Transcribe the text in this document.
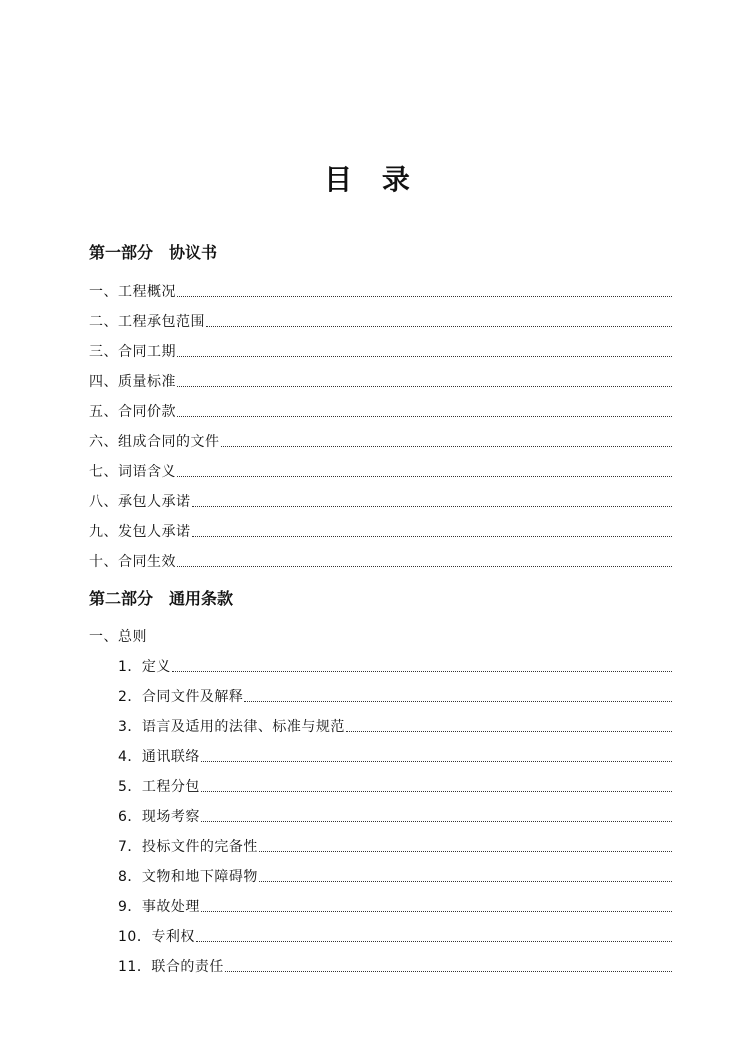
目 录
第一部分　协议书
一、工程概况
二、工程承包范围
三、合同工期
四、质量标准
五、合同价款
六、组成合同的文件
七、词语含义
八、承包人承诺
九、发包人承诺
十、合同生效
第二部分　通用条款
一、总则
1．定义
2．合同文件及解释
3．语言及适用的法律、标准与规范
4．通讯联络
5．工程分包
6．现场考察
7．投标文件的完备性
8．文物和地下障碍物
9．事故处理
10．专利权
11．联合的责任
